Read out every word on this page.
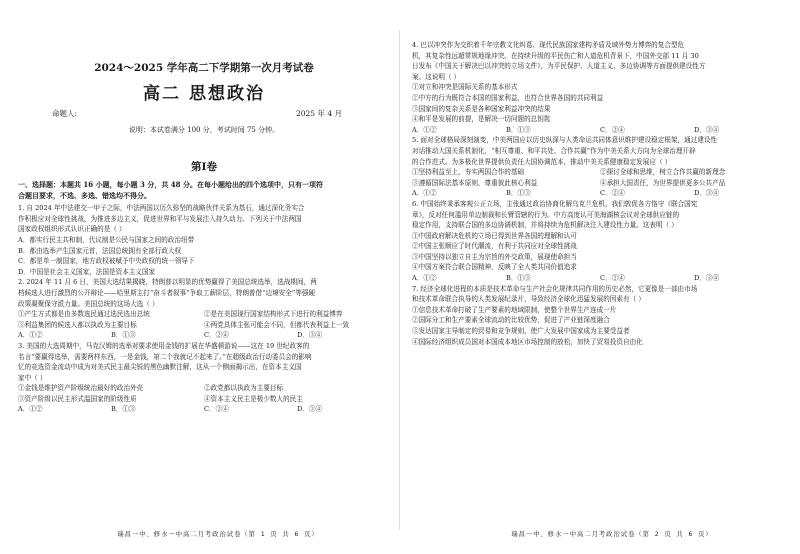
2024～2025 学年高二下学期第一次月考试卷

高二 思想政治

命题人:	2025 年 4 月

说明：本试卷满分 100 分，考试时间 75 分钟。

第Ⅰ卷

一、选择题：本题共 16 小题，每小题 3 分，共 48 分。在每小题给出的四个选项中，只有一项符
合题目要求，不选、多选、错选均不得分。

1. 自 2024 年中法建交一甲子之际，中法两国以历久弥坚的战略伙伴关系为基石，通过深化务实合

作积极应对全球性挑战，为推进多边主义，促进世界和平与发展注入持久动力。下列关于中法两国

国家政权组织形式认识正确的是（ ）

A．都实行民主共和制，代议制是公民与国家之间的政治纽带

B．都由选举产生国家元首，法国总统拥有全部行政大权

C．都是单一制国家，地方政权被赋予中央政权的统一领导下

D．中国是社会主义国家，法国是资本主义国家

2. 2024 年 11 月 6 日，美国大选结果揭晓，特朗普以明显的优势赢得了美国总统选举，选战期间，两

档候选人进行激烈的公开辩论——哈里斯主打“奋斗者叙事”争取工薪阶层，特朗普借“边境安全”等强硬

政策凝聚保守派力量。美国总统的这场大选（ ）

①产生方式都是由多数选民通过选民选出总统	②是在美国现行国家结构形式下进行的利益博弈
③利益集团的候选人都以执政为主要目标	④两党具体主张可能会不同，但都代表利益上一致
A．①②	B．①③	C．②④	D．③④

3. 美国的大选周期中，马克汉姆的选举对要求使用金钱的扩展在华盛顿游说——这在 19 世纪政客的

名言“要赢得选举，需要两样东西，一是金钱，第二个我就记不起来了。”在超级政治行动委员会的影响

忆的竞选资金流动中成为对美式民主最尖锐的黑色幽默注解，这从一个侧面揭示出，在资本主义国

家中（ ）

①金钱是维护资产阶级统治最好的政治外壳	②政党都以执政为主要目标
③资产阶级以民主形式温国家的阶级性质	④资本主义民主是极少数人的民主
A．①②	B．①③	C．②④	D．③④
瑞昌一中、修水一中高二月考政治试卷（第 1 页 共 6 页）

4. 巴以冲突作为交织着千年宗教文化纠葛、现代民族国家建构矛盾及域外势力博弈的复合型危

机，其复杂性远超常规地缘冲突。在持续升级的平民伤亡和人道危机背景下，中国外交部 11 月 30

日发布《中国关于解决巴以冲突的立场文件》，为平民保护、人道主义、多边协调等方面提供建设性方

案。这说明（ ）

①对立和冲突是国际关系的基本形式

②中方的行为既符合本国的国家利益，也符合世界各国的共同利益

③国家间的复杂关系是各种国家利益冲突的结果

④和平是发展的前提，是解决一切问题的总钥匙

A．①②	B．①③	C．②④	D．③④

5. 面对全球格局深刻演变，中美两国应以历史纵深与人类命运共同体意识维护建设稳定框架，通过建设性

对话推动大国关系机制化，“相互尊重、和平共处、合作共赢”作为中美关系大方向为全球治理开辟

的合作范式。为多极化世界提供负责任大国协调范本，推动中美关系健康稳定发展应（ ）

①坚持利益至上，夯实两国合作的基础	②探讨全球和思维，树立合作共赢的新理念
③遵循国际法基本原则，尊重彼此核心利益	④承担大国责任，为世界提供更多公共产品
A．①②	B．①③	C．②④	D．③④

6. 中国始终秉承客观公正立场，主张通过政治协商化解乌克兰危机，我们敦促各方恪守《联合国宪

章》，反对任何滥用单边制裁和长臂管辖的行为。中方高度认可美海湖核会议对全球供应链的

稳定作用，支持联合国的多边协调机制，并将持续为危机解决注入建设性力量。这表明（ ）

①中国政府解决危机的立场已得到世界各国的理解和认可

②中国主张顺应了时代潮流，有利于共同应对全球性挑战

③中国坚持以独立自主为宗旨的外交政策，展现使命担当

④中国方案符合联合国精神，反映了全人类共同价值追求

A．①②	B．①③	C．②④	D．③④

7. 经济全球化进程的本质是技术革命与生产社会化规律共同作用的历史必然，它更像是一部由市场

和技术革命联合执导的人类发展纪录片，导致经济全球化迅猛发展的因素有（ ）

①信息技术革命打破了生产要素的地域限制，使整个世界生产连成一片

②国际分工和生产要素全球流动的比较优势，促进了产业链深度融合

③发达国家主导制定的贸易和竞争规则，使广大发展中国家成为主要受益者

④国际经济组织成员国对本国成本地区市场控制的放松，加快了贸易投资自由化

瑞昌一中、修水一中高二月考政治试卷（第 2 页 共 6 页）
